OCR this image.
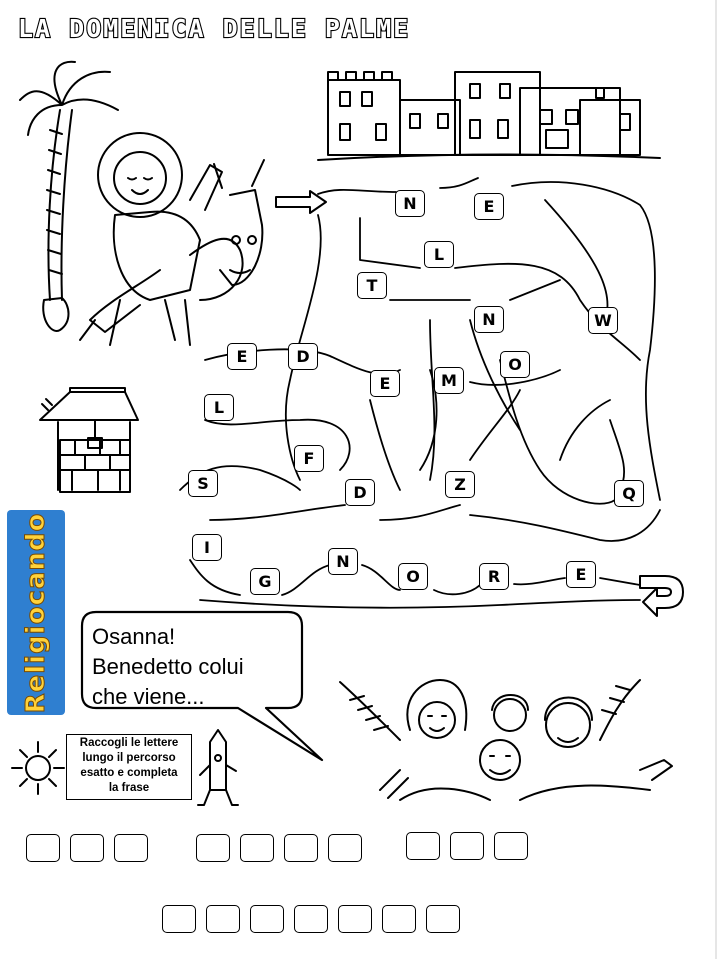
LA DOMENICA DELLE PALME
N	E
L
T
N	W
E	D	O
E	M
L
F
S	Z
D	Q
I
N
E
G	O	R
Osanna!
Benedetto colui
che viene...
Raccogli le lettere
lungo il percorso
esatto e completa
la frase
Religiocando
